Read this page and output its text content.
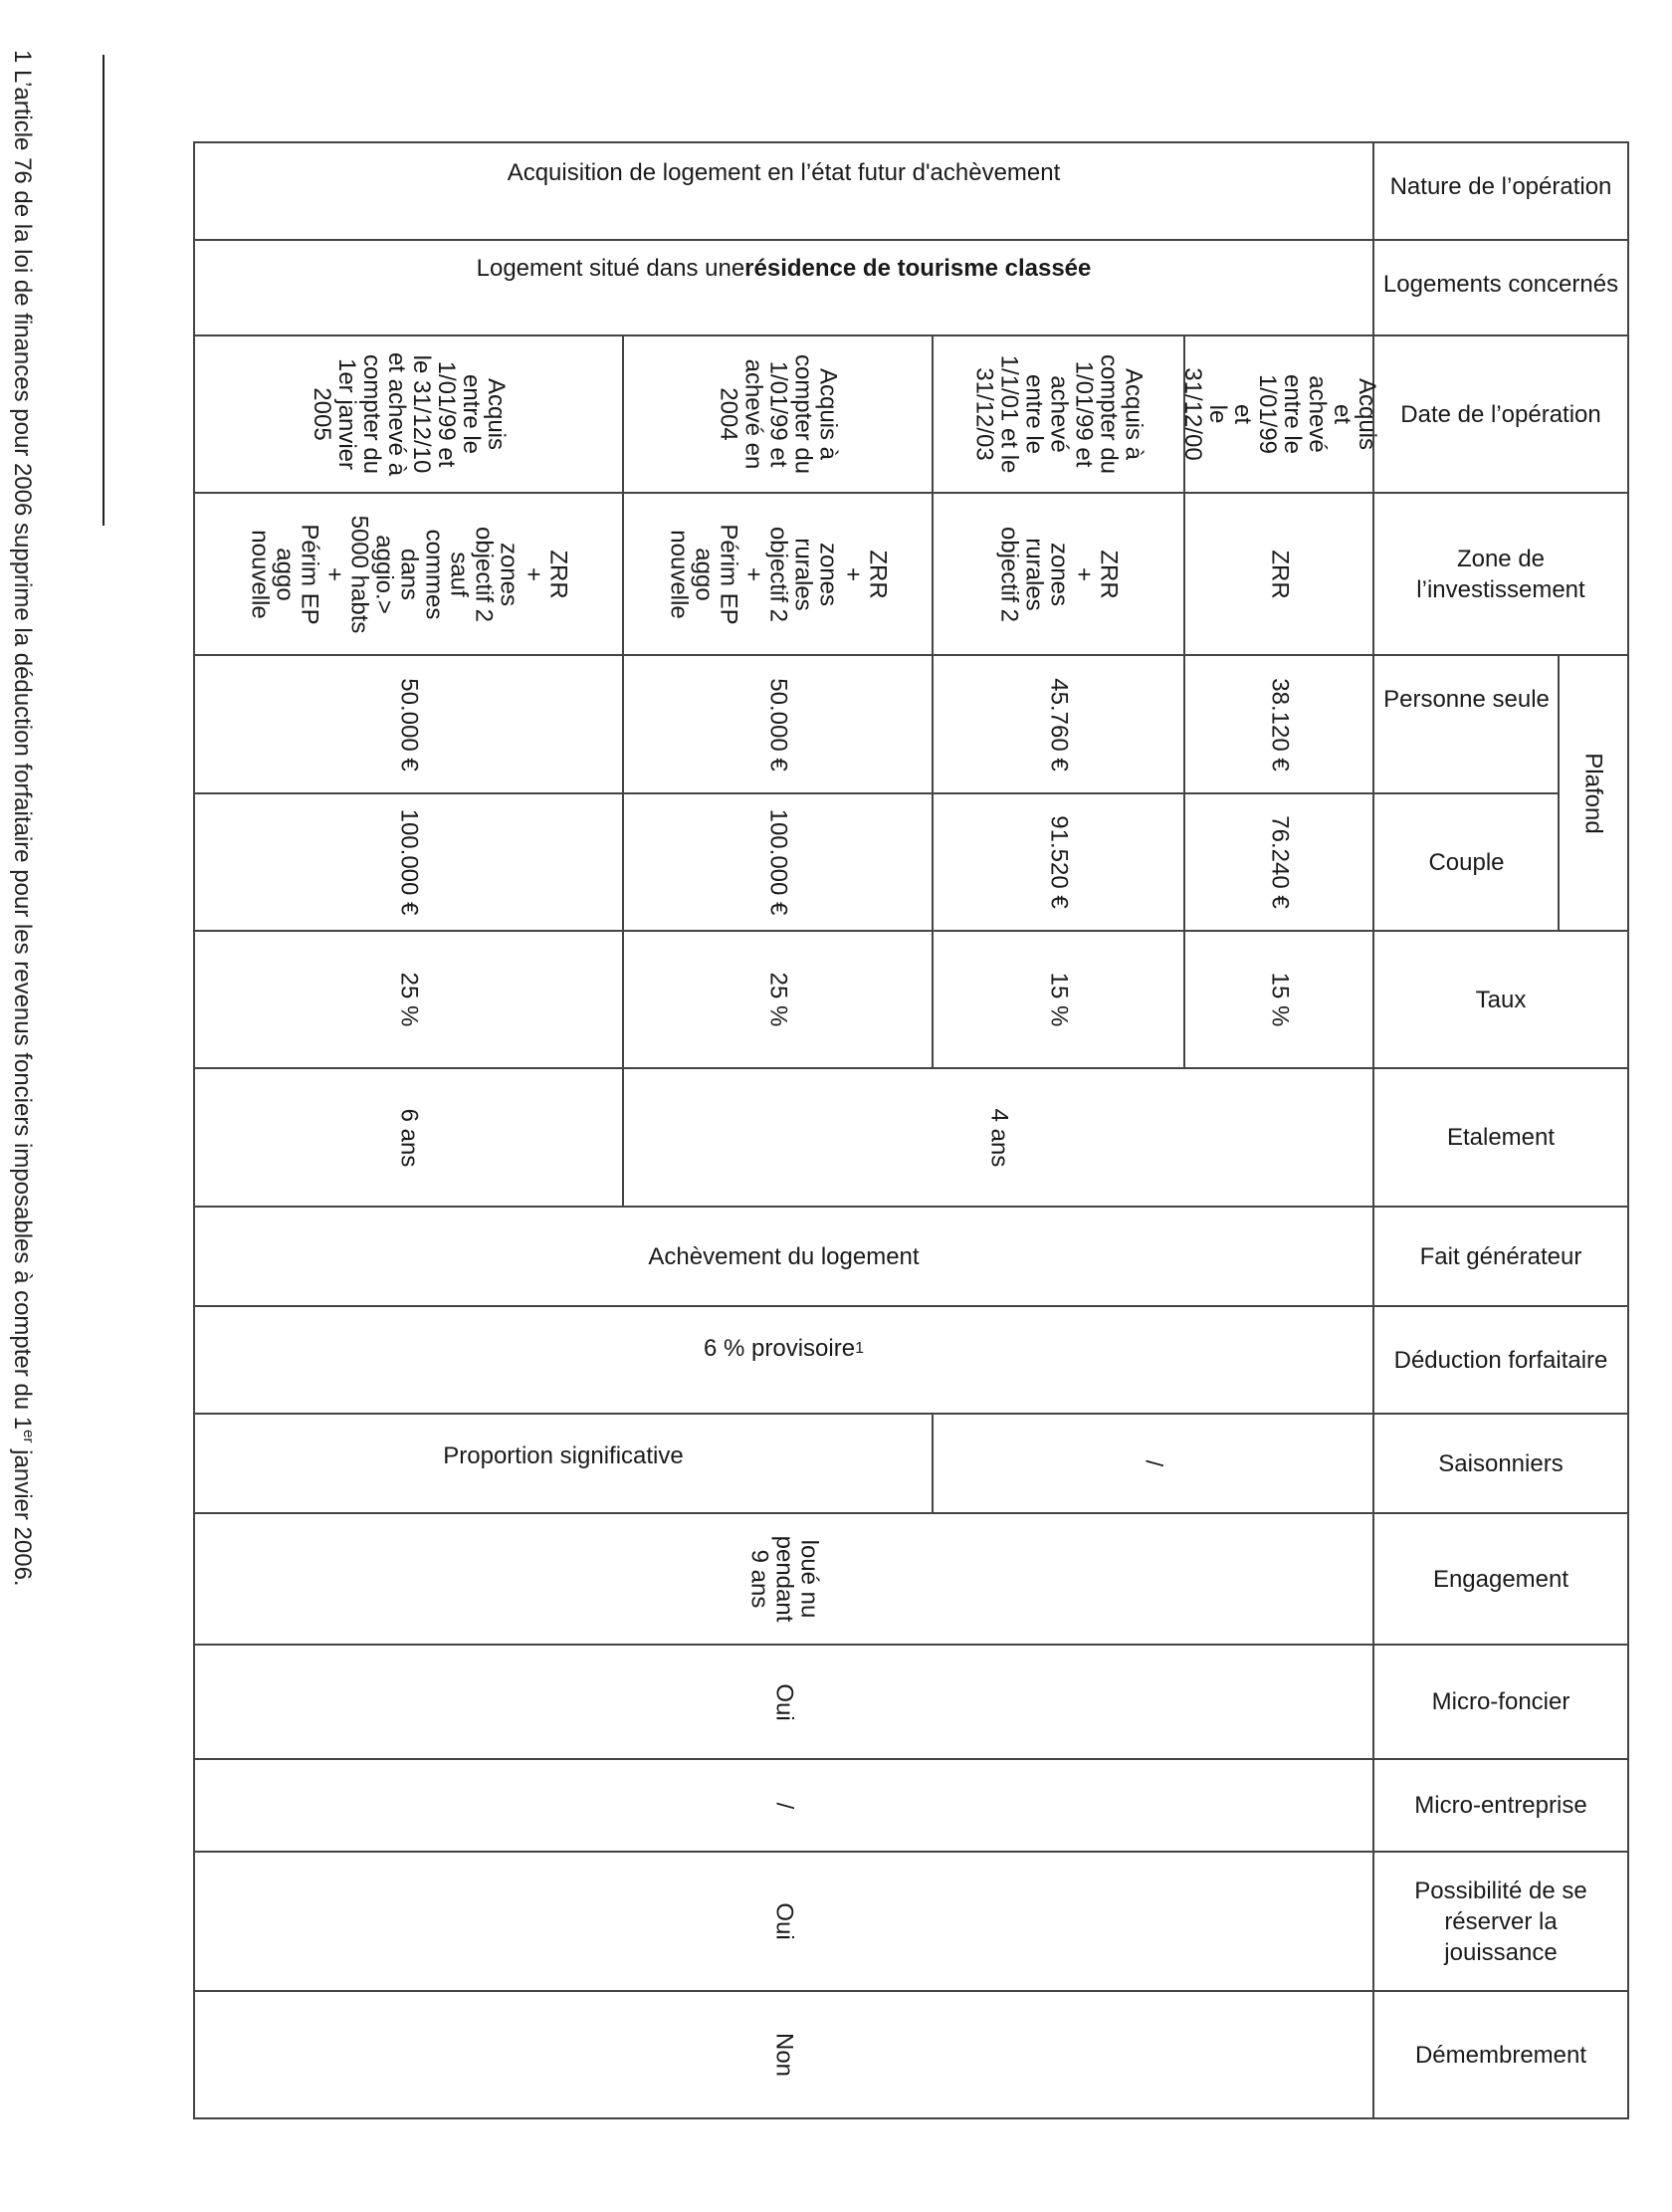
1 L’article 76 de la loi de finances pour 2006 supprime la déduction forfaitaire pour les revenus fonciers imposables à compter du 1er janvier 2006.
Nature de l’opération
Logements concernés
Date de l’opération
Zone de l’investissement
Personne seule
Couple
Plafond
Taux
Etalement
Fait générateur
Déduction forfaitaire
Saisonniers
Engagement
Micro-foncier
Micro-entreprise
Possibilité de se réserver la jouissance
Démembrement
Acquisition de logement en l’état futur d'achèvement
Logement situé dans une résidence de tourisme classée
Achèvement du logement
6 % provisoire 1
Proportion significative
Acquis et
achevé
entre le
1/01/99 et
le 31/12/00
Acquis à
compter du
1/01/99 et
achevé
entre le
1/1/01 et le
31/12/03
Acquis à
compter du
1/01/99 et
achevé en
2004
Acquis
entre le
1/01/99 et
le 31/12/10
et achevé à
compter du
1er janvier
2005
ZRR
ZRR
+
zones
rurales
objectif 2
ZRR
+
zones
rurales
objectif 2
+
Périm EP
aggo
nouvelle
ZRR
+
zones
objectif 2
sauf
commes
dans
aggio.>
5000 habts
+
Périm EP
aggo
nouvelle
38.120 €
45.760 €
50.000 €
50.000 €
76.240 €
91.520 €
100.000 €
100.000 €
15 %
15 %
25 %
25 %
4 ans
6 ans
/
loué nu
pendant
9 ans
Oui
/
Oui
Non
